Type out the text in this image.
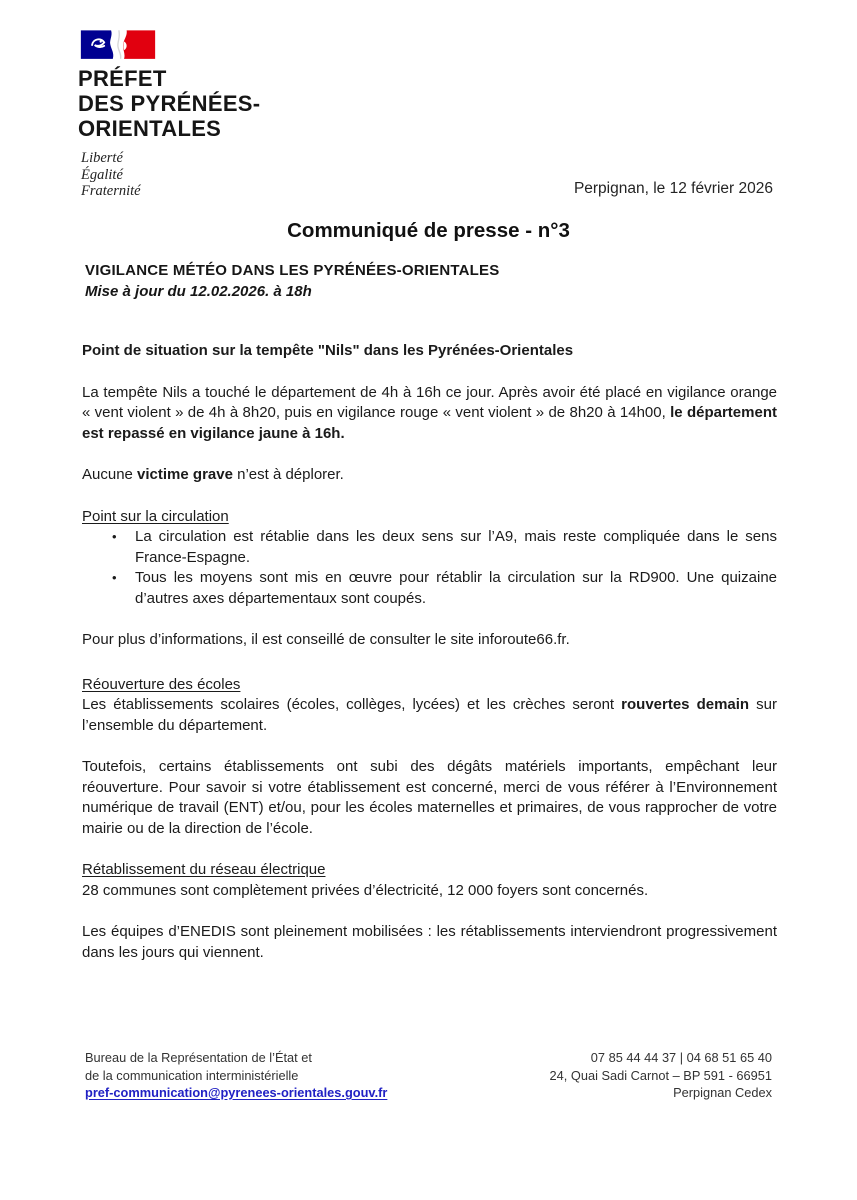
PRÉFET
DES PYRÉNÉES-
ORIENTALES
Liberté
Égalité
Fraternité	Perpignan, le 12 février 2026
Communiqué de presse - n°3
VIGILANCE MÉTÉO DANS LES PYRÉNÉES-ORIENTALES
Mise à jour du 12.02.2026. à 18h

Point de situation sur la tempête "Nils" dans les Pyrénées-Orientales

La tempête Nils a touché le département de 4h à 16h ce jour. Après avoir été placé en vigilance orange « vent violent » de 4h à 8h20, puis en vigilance rouge « vent violent » de 8h20 à 14h00, le département est repassé en vigilance jaune à 16h.

Aucune victime grave n’est à déplorer.

Point sur la circulation

• La circulation est rétablie dans les deux sens sur l’A9, mais reste compliquée dans le sens France-Espagne.
• Tous les moyens sont mis en œuvre pour rétablir la circulation sur la RD900. Une quizaine d’autres axes départementaux sont coupés.

Pour plus d’informations, il est conseillé de consulter le site inforoute66.fr.

Réouverture des écoles

Les établissements scolaires (écoles, collèges, lycées) et les crèches seront rouvertes demain sur l’ensemble du département.

Toutefois, certains établissements ont subi des dégâts matériels importants, empêchant leur réouverture. Pour savoir si votre établissement est concerné, merci de vous référer à l’Environnement numérique de travail (ENT) et/ou, pour les écoles maternelles et primaires, de vous rapprocher de votre mairie ou de la direction de l’école.

Rétablissement du réseau électrique

28 communes sont complètement privées d’électricité, 12 000 foyers sont concernés.

Les équipes d’ENEDIS sont pleinement mobilisées : les rétablissements interviendront progressivement dans les jours qui viennent.

Bureau de la Représentation de l’État et
de la communication interministérielle
pref-communication@pyrenees-orientales.gouv.fr
07 85 44 44 37 | 04 68 51 65 40
24, Quai Sadi Carnot – BP 591 - 66951
Perpignan Cedex
